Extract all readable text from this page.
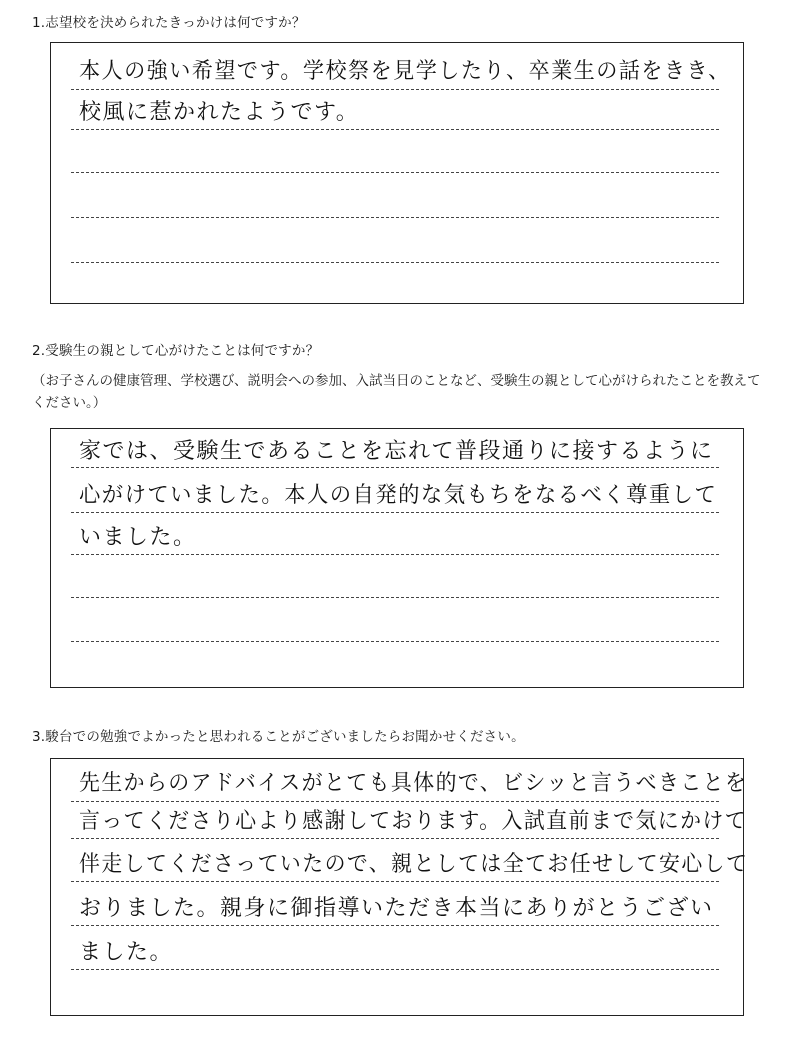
1.志望校を決められたきっかけは何ですか？
本人の強い希望です。学校祭を見学したり、卒業生の話をきき、
校風に惹かれたようです。
2.受験生の親として心がけたことは何ですか？
（お子さんの健康管理、学校選び、説明会への参加、入試当日のことなど、受験生の親として心がけられたことを教えてください。）
家では、受験生であることを忘れて普段通りに接するように
心がけていました。本人の自発的な気もちをなるべく尊重して
いました。
3.駿台での勉強でよかったと思われることがございましたらお聞かせください。
先生からのアドバイスがとても具体的で、ビシッと言うべきことを
言ってくださり心より感謝しております。入試直前まで気にかけて
伴走してくださっていたので、親としては全てお任せして安心して
おりました。親身に御指導いただき本当にありがとうござい
ました。
